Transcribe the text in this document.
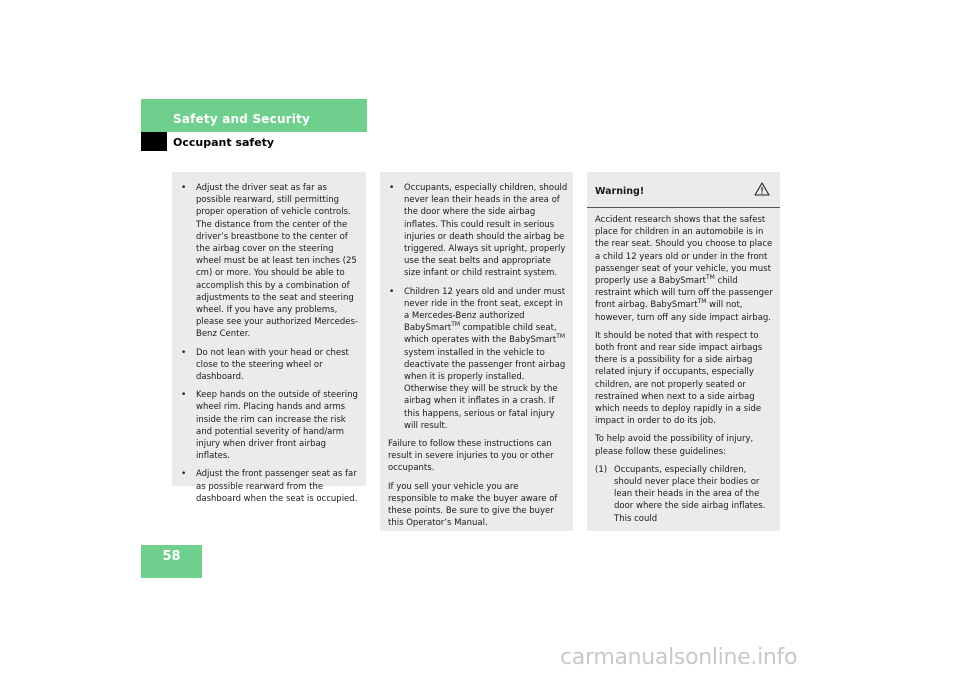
Safety and Security
Occupant safety
• Adjust the driver seat as far as possible rearward, still permitting proper operation of vehicle controls. The distance from the center of the driver’s breastbone to the center of the airbag cover on the steering wheel must be at least ten inches (25 cm) or more. You should be able to accomplish this by a combination of adjustments to the seat and steering wheel. If you have any problems, please see your authorized Mercedes-Benz Center.
• Do not lean with your head or chest close to the steering wheel or dashboard.
• Keep hands on the outside of steering wheel rim. Placing hands and arms inside the rim can increase the risk and potential severity of hand/arm injury when driver front airbag inflates.
• Adjust the front passenger seat as far as possible rearward from the dashboard when the seat is occupied.
• Occupants, especially children, should never lean their heads in the area of the door where the side airbag inflates. This could result in serious injuries or death should the airbag be triggered. Always sit upright, properly use the seat belts and appropriate size infant or child restraint system.
• Children 12 years old and under must never ride in the front seat, except in a Mercedes-Benz authorized BabySmart™ compatible child seat, which operates with the BabySmart™ system installed in the vehicle to deactivate the passenger front airbag when it is properly installed. Otherwise they will be struck by the airbag when it inflates in a crash. If this happens, serious or fatal injury will result.

Failure to follow these instructions can result in severe injuries to you or other occupants.

If you sell your vehicle you are responsible to make the buyer aware of these points. Be sure to give the buyer this Operator’s Manual.

Warning!

Accident research shows that the safest place for children in an automobile is in the rear seat. Should you choose to place a child 12 years old or under in the front passenger seat of your vehicle, you must properly use a BabySmart™ child restraint which will turn off the passenger front airbag. BabySmart™ will not, however, turn off any side impact airbag.

It should be noted that with respect to both front and rear side impact airbags there is a possibility for a side airbag related injury if occupants, especially children, are not properly seated or restrained when next to a side airbag which needs to deploy rapidly in a side impact in order to do its job.

To help avoid the possibility of injury, please follow these guidelines:

(1) Occupants, especially children, should never place their bodies or lean their heads in the area of the door where the side airbag inflates. This could

58
carmanualsonline.info
